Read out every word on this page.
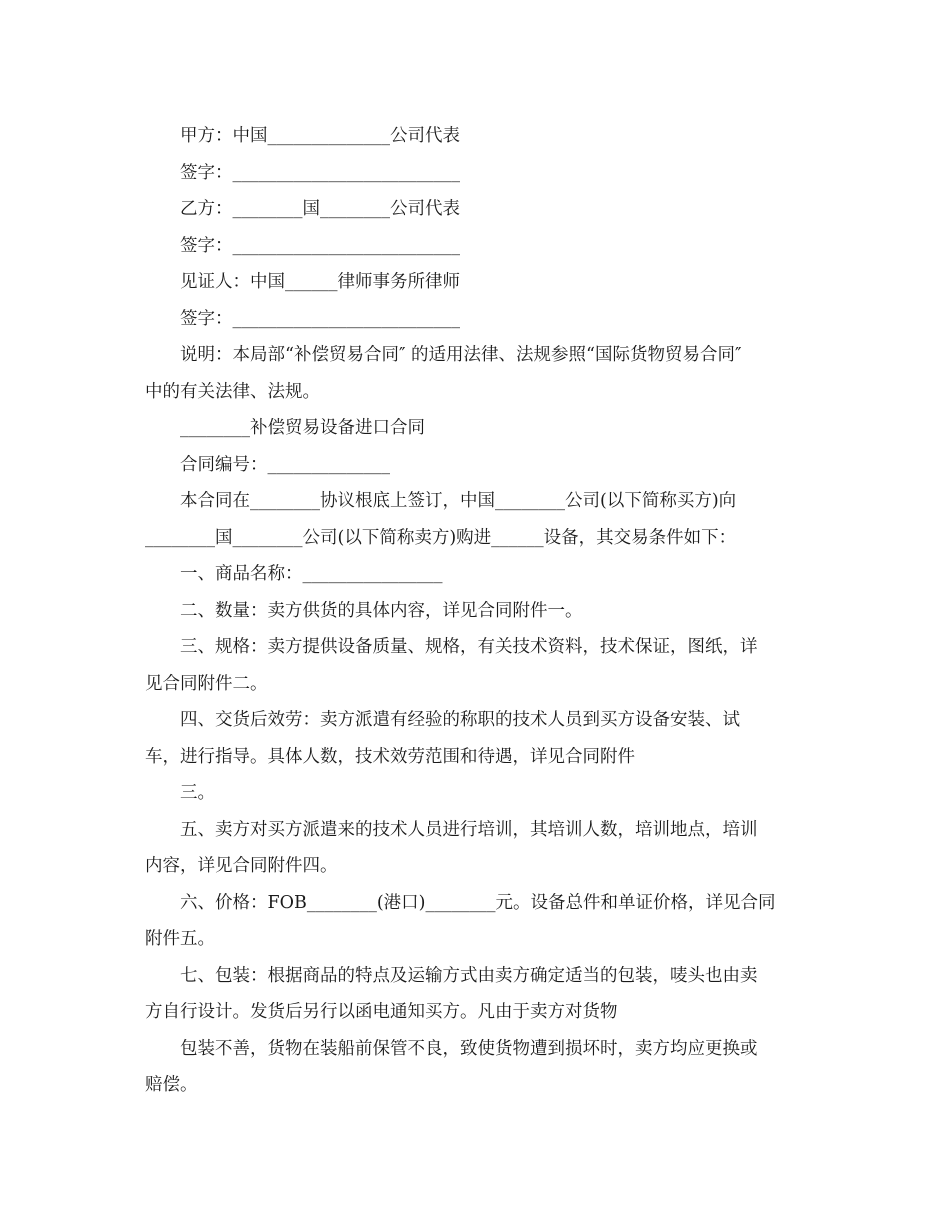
甲方：中国______________公司代表

签字：__________________________

乙方：________国________公司代表

签字：__________________________

见证人：中国______律师事务所律师

签字：__________________________

说明：本局部“补偿贸易合同″ 的适用法律、法规参照“国际货物贸易合同″

中的有关法律、法规。

________补偿贸易设备进口合同

合同编号：______________

本合同在________协议根底上签订，中国________公司(以下简称买方)向

________国________公司(以下简称卖方)购进______设备，其交易条件如下：

一、商品名称：________________

二、数量：卖方供货的具体内容，详见合同附件一。

三、规格：卖方提供设备质量、规格，有关技术资料，技术保证，图纸，详

见合同附件二。

四、交货后效劳：卖方派遣有经验的称职的技术人员到买方设备安装、试

车，进行指导。具体人数，技术效劳范围和待遇，详见合同附件

三。

五、卖方对买方派遣来的技术人员进行培训，其培训人数，培训地点，培训

内容，详见合同附件四。

六、价格：FOB________(港口)________元。设备总件和单证价格，详见合同

附件五。

七、包装：根据商品的特点及运输方式由卖方确定适当的包装，唛头也由卖

方自行设计。发货后另行以函电通知买方。凡由于卖方对货物

包装不善，货物在装船前保管不良，致使货物遭到损坏时，卖方均应更换或

赔偿。
